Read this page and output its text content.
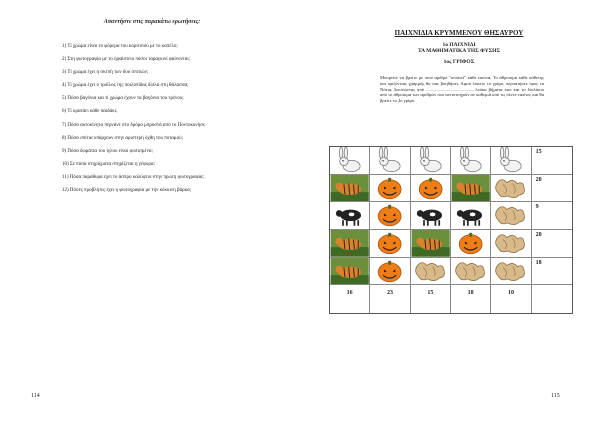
Απαντήστε στις παρακάτω ερωτήσεις:
1) Τί χρώμα είναι το φόρεμα του κοριτσιού με το καπέλο;
2) Στη φωτογραφία με το ηφαίστειο πόσοι ταραγκινί φαίνονται;
3) Τί χρώμα έχει η σκεπή των δύο σπιτιών;
4) Τί χρώμα έχει ο τροΐλος της ποιλοπίδας δίπλα στη θάλασσα;
5) Πόσα βαγόνια και τί χρώμα έχουν τα βαγόνια του τρένου;
6) Τί κρατάει κάθε παιδάκι;
7) Πόσα αυτοκίνητα περνάνε στο δρόμο μπροστά από το Ποντοκονήσι;
8) Πόσα σπίτια υπάρχουν στην αριστερή όχθη του ποταμού;
9) Πόσα δωμάτια του ίγλου είναι φωτισμένα;
10) Σε πόσα στηρίγματα στηρίζεται η γέφυρα;
11) Πόσα παράθυρα έχει το άσπρο καλύφτιο στην πρώτη φωτογραφία;
12) Πόσες προβλήτες έχει η φωτογραφία με την κόκκινη βάρκα;
114
ΠΑΙΧΝΙΔΙΑ ΚΡΥΜΜΕΝΟΥ ΘΗΣΑΥΡΟΥ
1ο ΠΑΙΧΝΙΔΙ
ΤΑ ΜΑΘΗΜΑΤΙΚΑ ΤΗΣ ΦΥΣΗΣ
1ος ΓΡΙΦΟΣ

Μπορείτε να βρείτε με ποιο αριθμό "σουίτεί" κάθε εικόνα; Το άθροισμα κάθε κάθετης και οριζόντιας γραμμής θα σας βοηθήσει. Αφού λύσετε το γρίφο, περπατήστε προς τα Νότια, ξεκινώντας από ...........................................λεύκα βήματα όσο και το διπλάσιο από το άθροισμα των αριθμών που αντιστοιχούν σε καθεμιά από τις πέντε εικόνες και θα βρείτε το 2ο γρίφο.

15
20
9
20
18
16	23	15	18	10
115
